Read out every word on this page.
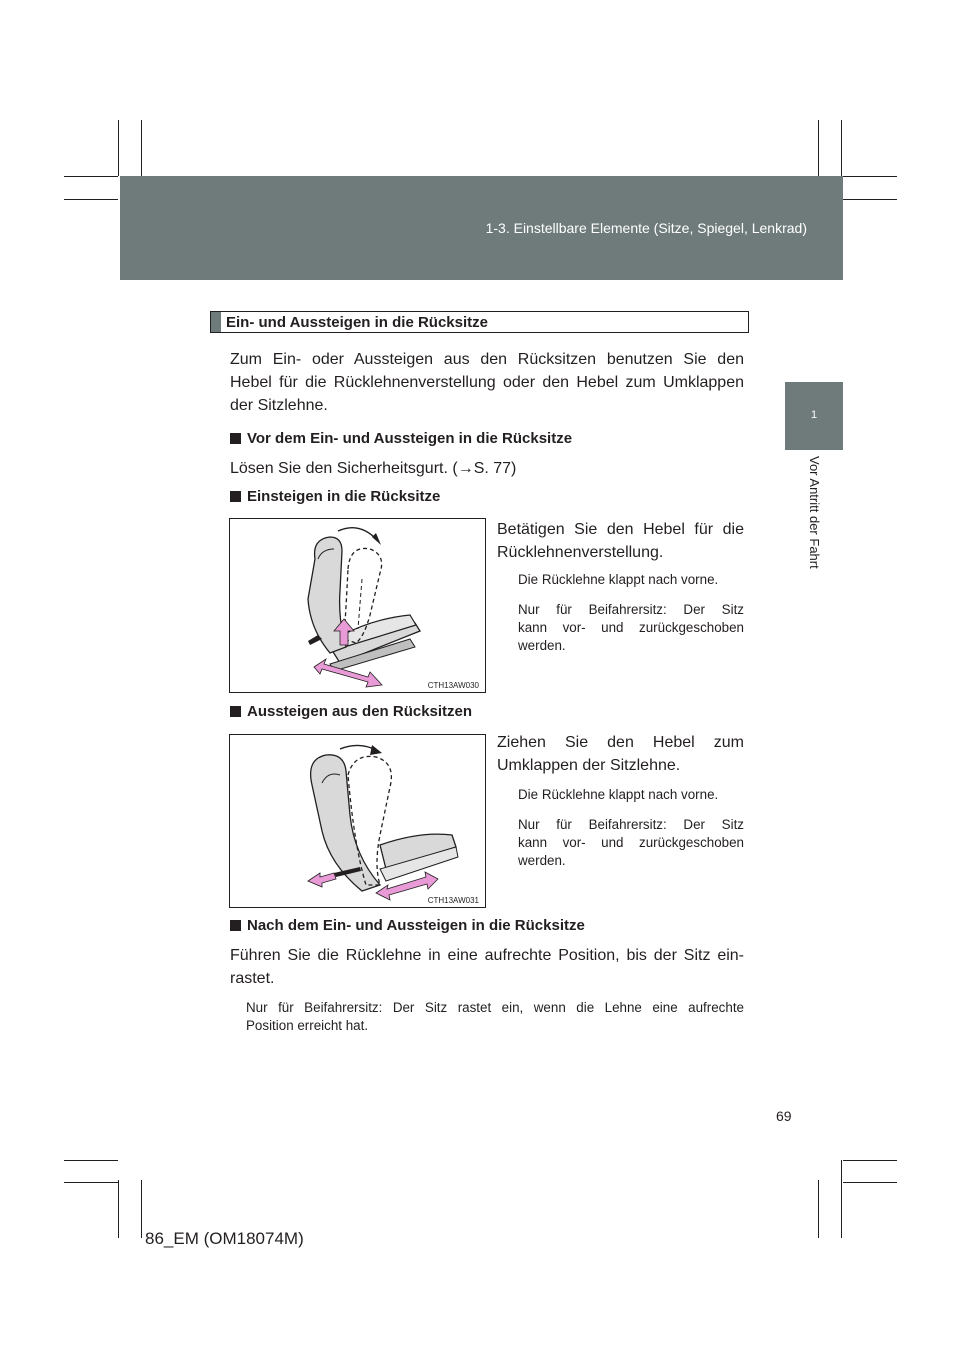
1-3. Einstellbare Elemente (Sitze, Spiegel, Lenkrad)
1
Vor Antritt der Fahrt
Ein- und Aussteigen in die Rücksitze
Zum Ein- oder Aussteigen aus den Rücksitzen benutzen Sie den
Hebel für die Rücklehnenverstellung oder den Hebel zum Umklappen
der Sitzlehne.
Vor dem Ein- und Aussteigen in die Rücksitze
Lösen Sie den Sicherheitsgurt. (→S. 77)
Einsteigen in die Rücksitze
CTH13AW030
Betätigen Sie den Hebel für die
Rücklehnenverstellung.
Die Rücklehne klappt nach vorne.
Nur für Beifahrersitz: Der Sitz
kann vor- und zurückgeschoben
werden.
Aussteigen aus den Rücksitzen
CTH13AW031
Ziehen Sie den Hebel zum
Umklappen der Sitzlehne.
Die Rücklehne klappt nach vorne.
Nur für Beifahrersitz: Der Sitz
kann vor- und zurückgeschoben
werden.
Nach dem Ein- und Aussteigen in die Rücksitze
Führen Sie die Rücklehne in eine aufrechte Position, bis der Sitz ein-
rastet.
Nur für Beifahrersitz: Der Sitz rastet ein, wenn die Lehne eine aufrechte
Position erreicht hat.
69
86_EM (OM18074M)
